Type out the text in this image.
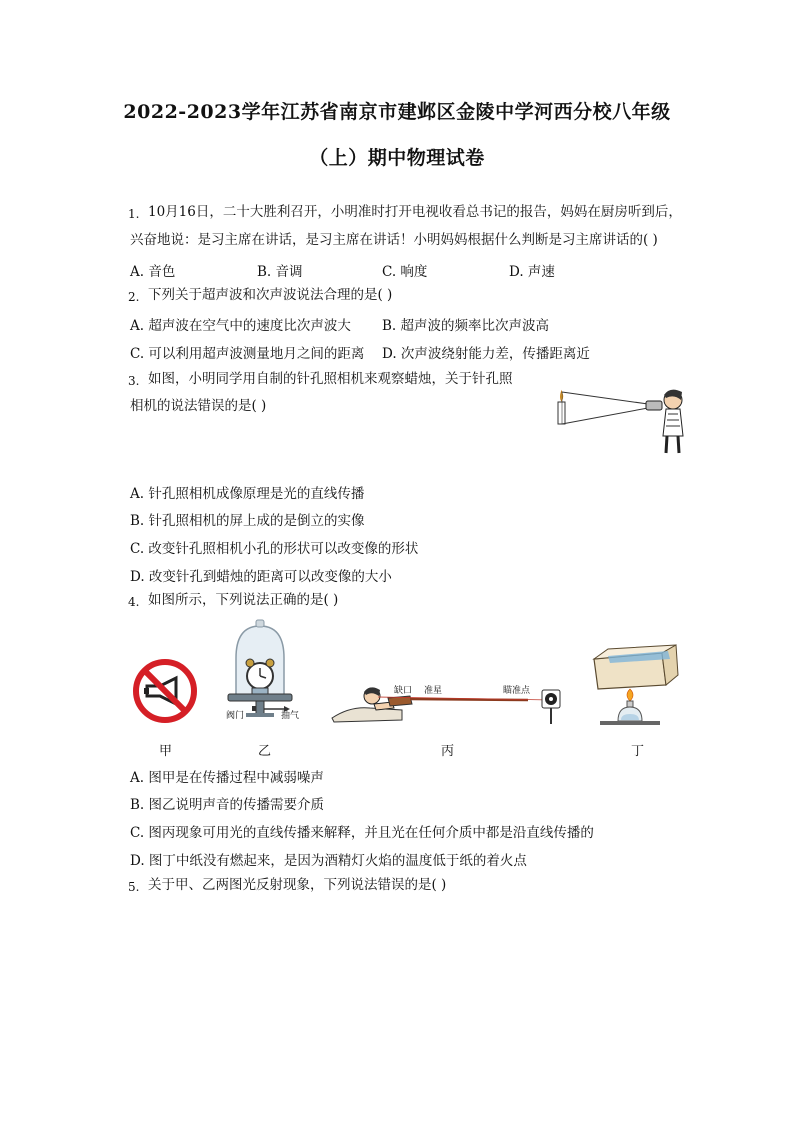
2022-2023学年江苏省南京市建邺区金陵中学河西分校八年级
（上）期中物理试卷
1. 10月16日，二十大胜利召开，小明准时打开电视收看总书记的报告，妈妈在厨房听到后，
兴奋地说：是习主席在讲话，是习主席在讲话！小明妈妈根据什么判断是习主席讲话的( )
A. 音色	B. 音调	C. 响度	D. 声速
2. 下列关于超声波和次声波说法合理的是( )
A. 超声波在空气中的速度比次声波大 B. 超声波的频率比次声波高
C. 可以利用超声波测量地月之间的距离 D. 次声波绕射能力差，传播距离近
3. 如图，小明同学用自制的针孔照相机来观察蜡烛，关于针孔照
相机的说法错误的是( )
A. 针孔照相机成像原理是光的直线传播
B. 针孔照相机的屏上成的是倒立的实像
C. 改变针孔照相机小孔的形状可以改变像的形状
D. 改变针孔到蜡烛的距离可以改变像的大小
4. 如图所示，下列说法正确的是( )
阀门	抽气
缺口 准星	瞄准点
甲	乙	丙	丁
A. 图甲是在传播过程中减弱噪声
B. 图乙说明声音的传播需要介质
C. 图丙现象可用光的直线传播来解释，并且光在任何介质中都是沿直线传播的
D. 图丁中纸没有燃起来，是因为酒精灯火焰的温度低于纸的着火点
5. 关于甲、乙两图光反射现象，下列说法错误的是( )
